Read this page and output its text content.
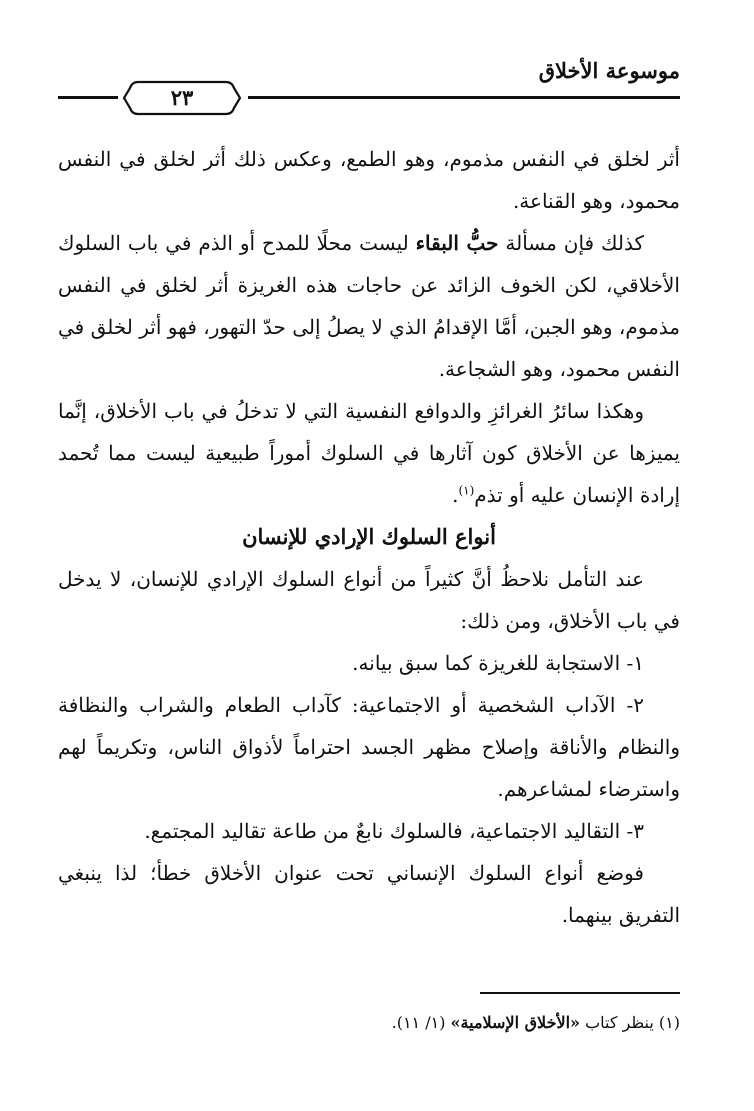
موسوعة الأخلاق
٢٣

أثر لخلق في النفس مذموم، وهو الطمع، وعكس ذلك أثر لخلق في النفس محمود، وهو القناعة.

كذلك فإن مسألة حبُّ البقاء ليست محلًا للمدح أو الذم في باب السلوك الأخلاقي، لكن الخوف الزائد عن حاجات هذه الغريزة أثر لخلق في النفس مذموم، وهو الجبن، أمَّا الإقدامُ الذي لا يصلُ إلى حدّ التهور، فهو أثر لخلق في النفس محمود، وهو الشجاعة.

وهكذا سائرُ الغرائزِ والدوافع النفسية التي لا تدخلُ في باب الأخلاق، إنَّما يميزها عن الأخلاق كون آثارها في السلوك أموراً طبيعية ليست مما تُحمد إرادة الإنسان عليه أو تذم$^{(١)}$.

أنواع السلوك الإرادي للإنسان

عند التأمل نلاحظُ أنَّ كثيراً من أنواع السلوك الإرادي للإنسان، لا يدخل في باب الأخلاق، ومن ذلك:

١- الاستجابة للغريزة كما سبق بيانه.

٢- الآداب الشخصية أو الاجتماعية: كآداب الطعام والشراب والنظافة والنظام والأناقة وإصلاح مظهر الجسد احتراماً لأذواق الناس، وتكريماً لهم واسترضاء لمشاعرهم.

٣- التقاليد الاجتماعية، فالسلوك نابعٌ من طاعة تقاليد المجتمع.

فوضع أنواع السلوك الإنساني تحت عنوان الأخلاق خطأ؛ لذا ينبغي التفريق بينهما.

(١) ينظر كتاب «الأخلاق الإسلامية» (١/ ١١).
